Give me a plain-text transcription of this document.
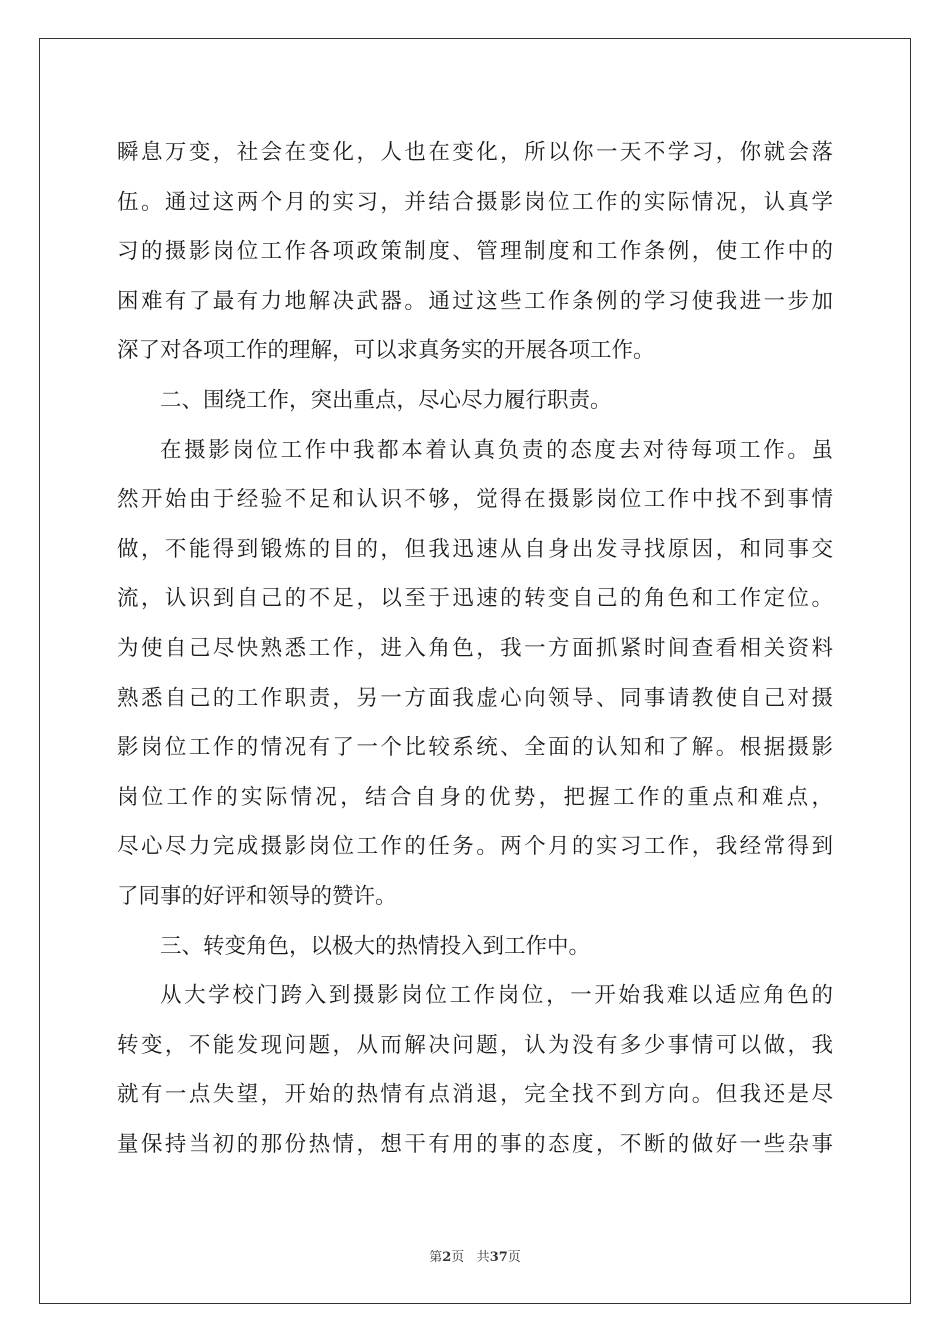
瞬息万变，社会在变化，人也在变化，所以你一天不学习，你就会落
伍。通过这两个月的实习，并结合摄影岗位工作的实际情况，认真学
习的摄影岗位工作各项政策制度、管理制度和工作条例，使工作中的
困难有了最有力地解决武器。通过这些工作条例的学习使我进一步加
深了对各项工作的理解，可以求真务实的开展各项工作。
二、围绕工作，突出重点，尽心尽力履行职责。
在摄影岗位工作中我都本着认真负责的态度去对待每项工作。虽
然开始由于经验不足和认识不够，觉得在摄影岗位工作中找不到事情
做，不能得到锻炼的目的，但我迅速从自身出发寻找原因，和同事交
流，认识到自己的不足，以至于迅速的转变自己的角色和工作定位。
为使自己尽快熟悉工作，进入角色，我一方面抓紧时间查看相关资料
熟悉自己的工作职责，另一方面我虚心向领导、同事请教使自己对摄
影岗位工作的情况有了一个比较系统、全面的认知和了解。根据摄影
岗位工作的实际情况，结合自身的优势，把握工作的重点和难点，
尽心尽力完成摄影岗位工作的任务。两个月的实习工作，我经常得到
了同事的好评和领导的赞许。
三、转变角色，以极大的热情投入到工作中。
从大学校门跨入到摄影岗位工作岗位，一开始我难以适应角色的
转变，不能发现问题，从而解决问题，认为没有多少事情可以做，我
就有一点失望，开始的热情有点消退，完全找不到方向。但我还是尽
量保持当初的那份热情，想干有用的事的态度，不断的做好一些杂事
第2页 共37页
